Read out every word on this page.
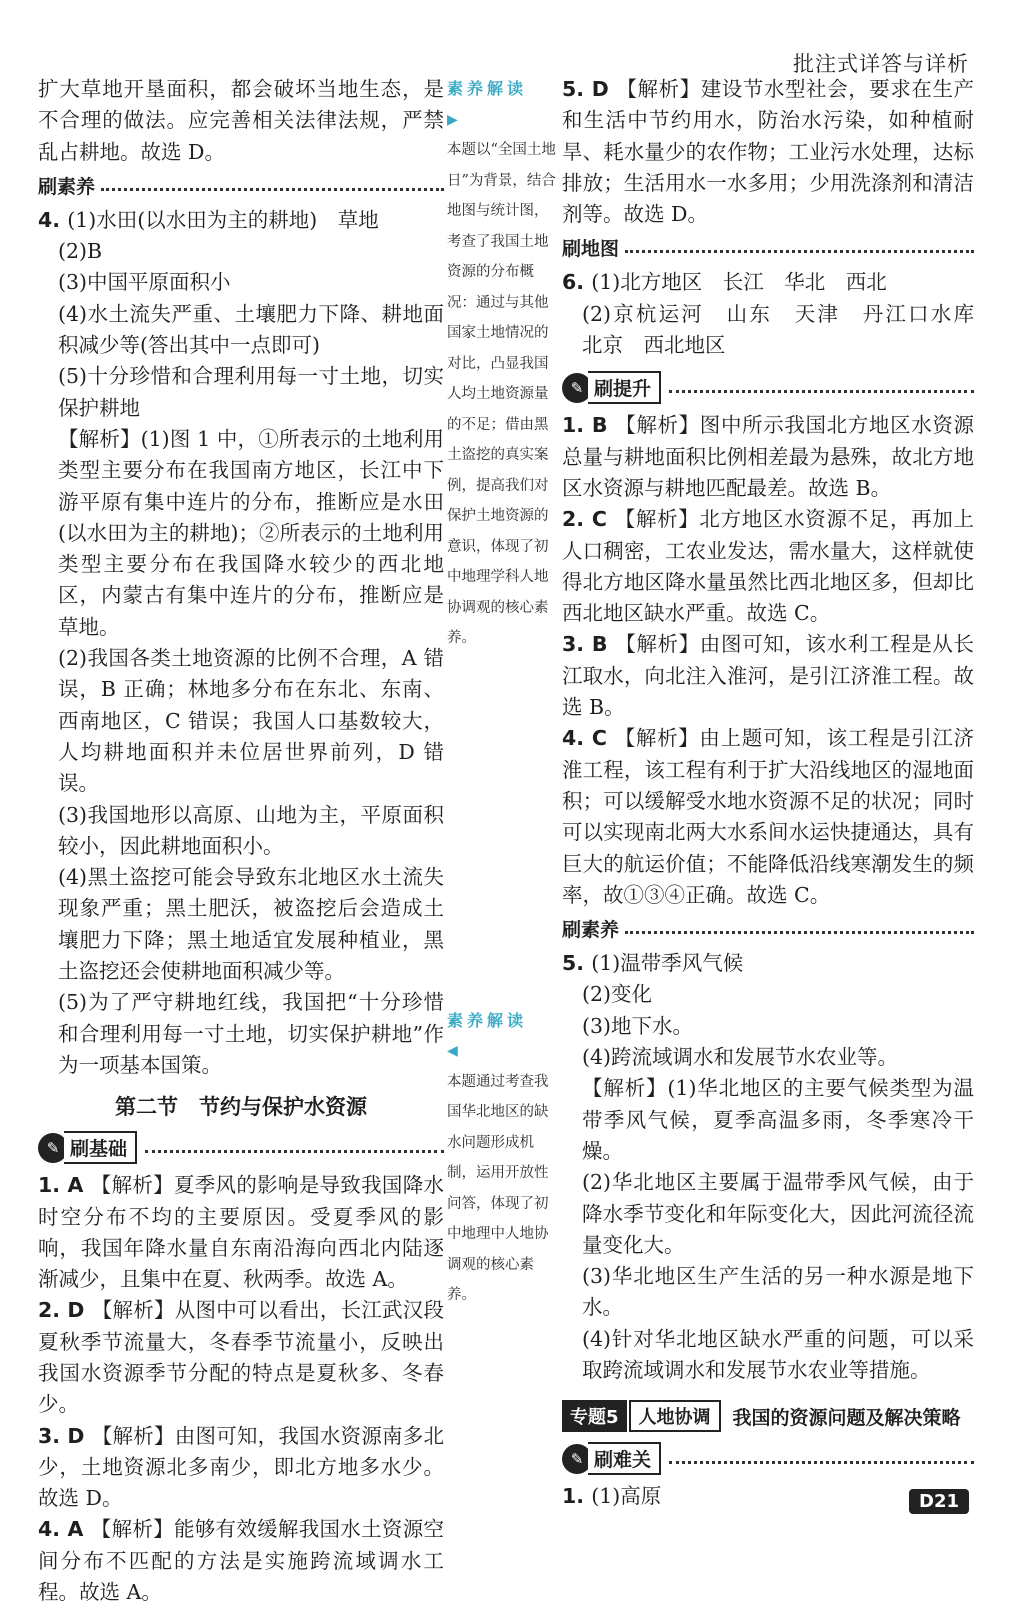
批注式详答与详析

扩大草地开垦面积，都会破坏当地生态，是不合理的做法。应完善相关法律法规，严禁乱占耕地。故选 D。

刷素养

4. (1)水田(以水田为主的耕地)　草地

(2)B

(3)中国平原面积小

(4)水土流失严重、土壤肥力下降、耕地面积减少等(答出其中一点即可)

(5)十分珍惜和合理利用每一寸土地，切实保护耕地

【解析】(1)图 1 中，①所表示的土地利用类型主要分布在我国南方地区，长江中下游平原有集中连片的分布，推断应是水田(以水田为主的耕地)；②所表示的土地利用类型主要分布在我国降水较少的西北地区，内蒙古有集中连片的分布，推断应是草地。

(2)我国各类土地资源的比例不合理，A 错误，B 正确；林地多分布在东北、东南、西南地区，C 错误；我国人口基数较大，人均耕地面积并未位居世界前列，D 错误。

(3)我国地形以高原、山地为主，平原面积较小，因此耕地面积小。

(4)黑土盗挖可能会导致东北地区水土流失现象严重；黑土肥沃，被盗挖后会造成土壤肥力下降；黑土地适宜发展种植业，黑土盗挖还会使耕地面积减少等。

(5)为了严守耕地红线，我国把“十分珍惜和合理利用每一寸土地，切实保护耕地”作为一项基本国策。

第二节　节约与保护水资源
✎ 刷基础

1. A 【解析】夏季风的影响是导致我国降水时空分布不均的主要原因。受夏季风的影响，我国年降水量自东南沿海向西北内陆逐渐减少，且集中在夏、秋两季。故选 A。

2. D 【解析】从图中可以看出，长江武汉段夏秋季节流量大，冬春季节流量小，反映出我国水资源季节分配的特点是夏秋多、冬春少。

3. D 【解析】由图可知，我国水资源南多北少，土地资源北多南少，即北方地多水少。故选 D。

4. A 【解析】能够有效缓解我国水土资源空间分布不匹配的方法是实施跨流域调水工程。故选 A。

素养解读
▶
本题以“全国土地日”为背景，结合地图与统计图，考查了我国土地资源的分布概况：通过与其他国家土地情况的对比，凸显我国人均土地资源量的不足；借由黑土盗挖的真实案例，提高我们对保护土地资源的意识，体现了初中地理学科人地协调观的核心素养。
素养解读
◀
本题通过考查我国华北地区的缺水问题形成机制，运用开放性问答，体现了初中地理中人地协调观的核心素养。

5. D 【解析】建设节水型社会，要求在生产和生活中节约用水，防治水污染，如种植耐旱、耗水量少的农作物；工业污水处理，达标排放；生活用水一水多用；少用洗涤剂和清洁剂等。故选 D。

刷地图

6. (1)北方地区　长江　华北　西北

(2)京杭运河　山东　天津　丹江口水库　北京　西北地区

✎ 刷提升

1. B 【解析】图中所示我国北方地区水资源总量与耕地面积比例相差最为悬殊，故北方地区水资源与耕地匹配最差。故选 B。

2. C 【解析】北方地区水资源不足，再加上人口稠密，工农业发达，需水量大，这样就使得北方地区降水量虽然比西北地区多，但却比西北地区缺水严重。故选 C。

3. B 【解析】由图可知，该水利工程是从长江取水，向北注入淮河，是引江济淮工程。故选 B。

4. C 【解析】由上题可知，该工程是引江济淮工程，该工程有利于扩大沿线地区的湿地面积；可以缓解受水地水资源不足的状况；同时可以实现南北两大水系间水运快捷通达，具有巨大的航运价值；不能降低沿线寒潮发生的频率，故①③④正确。故选 C。

刷素养

5. (1)温带季风气候

(2)变化

(3)地下水。

(4)跨流域调水和发展节水农业等。

【解析】(1)华北地区的主要气候类型为温带季风气候，夏季高温多雨，冬季寒冷干燥。

(2)华北地区主要属于温带季风气候，由于降水季节变化和年际变化大，因此河流径流量变化大。

(3)华北地区生产生活的另一种水源是地下水。

(4)针对华北地区缺水严重的问题，可以采取跨流域调水和发展节水农业等措施。

专题5	人地协调	我国的资源问题及解决策略
✎ 刷难关

1. (1)高原	D21
